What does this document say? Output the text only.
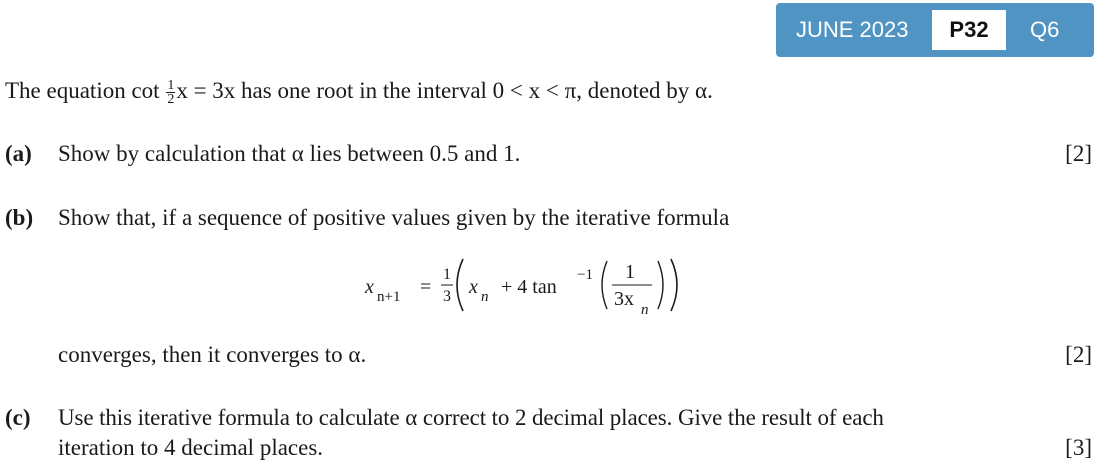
JUNE 2023	P32	Q6
The equation $\cot \frac{1}{2}$ x = 3x has one root in the interval 0 < x < π, denoted by α.
(a) Show by calculation that α lies between 0.5 and 1.	[2]
(b) Show that, if a sequence of positive values given by the iterative formula
x n+1 =
1
3 x n + 4 tan
−1 1
3x n
converges, then it converges to α.	[2]
(c) Use this iterative formula to calculate α correct to 2 decimal places. Give the result of each
iteration to 4 decimal places.	[3]
